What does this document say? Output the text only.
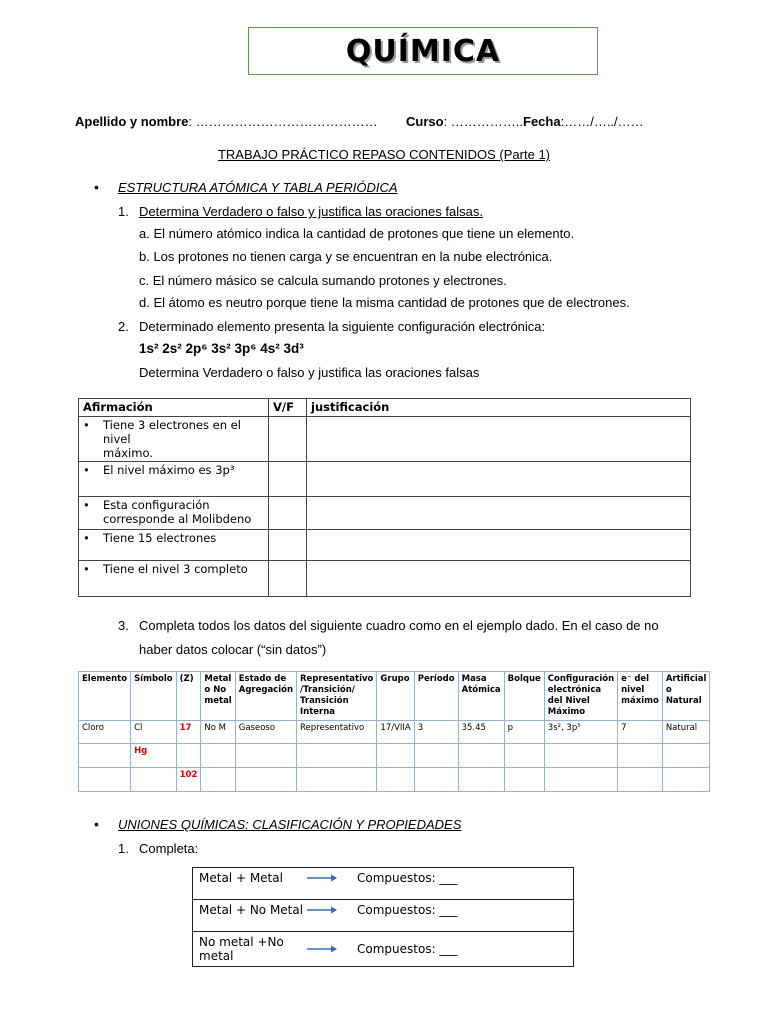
QUÍMICA
Apellido y nombre: …………………………………… Curso: ……………..Fecha:……/…../……
TRABAJO PRÁCTICO REPASO CONTENIDOS (Parte 1)
• ESTRUCTURA ATÓMICA Y TABLA PERIÓDICA
1. Determina Verdadero o falso y justifica las oraciones falsas.
a. El número atómico indica la cantidad de protones que tiene un elemento.
b. Los protones no tienen carga y se encuentran en la nube electrónica.
c. El número másico se calcula sumando protones y electrones.
d. El átomo es neutro porque tiene la misma cantidad de protones que de electrones.
2. Determinado elemento presenta la siguiente configuración electrónica:
1s² 2s² 2p⁶ 3s² 3p⁶ 4s² 3d³
Determina Verdadero o falso y justifica las oraciones falsas
Afirmación	V/F	justificación

• Tiene 3 electrones en el nivel
máximo.		

• El nivel máximo es 3p³		

• Esta configuración
corresponde al Molibdeno		

• Tiene 15 electrones		

• Tiene el nivel 3 completo		

3. Completa todos los datos del siguiente cuadro como en el ejemplo dado. En el caso de no
haber datos colocar (“sin datos”)
Elemento	Símbolo	(Z)	Metal o No metal	Estado de Agregación	Representativo /Transición/ Transición Interna	Grupo	Período	Masa Atómica	Bolque	Configuración electrónica del Nivel Máximo	e⁻ del nivel máximo	Artificial o Natural
Cloro	Cl	17	No M	Gaseoso	Representativo	17/VIIA	3	35.45	p	3s², 3p⁵	7	Natural
	Hg											
		102										
• UNIONES QUÍMICAS: CLASIFICACIÓN Y PROPIEDADES
1. Completa:
Metal + Metal	Compuestos: ___

Metal + No Metal	Compuestos: ___

No metal +No metal	Compuestos: ___
